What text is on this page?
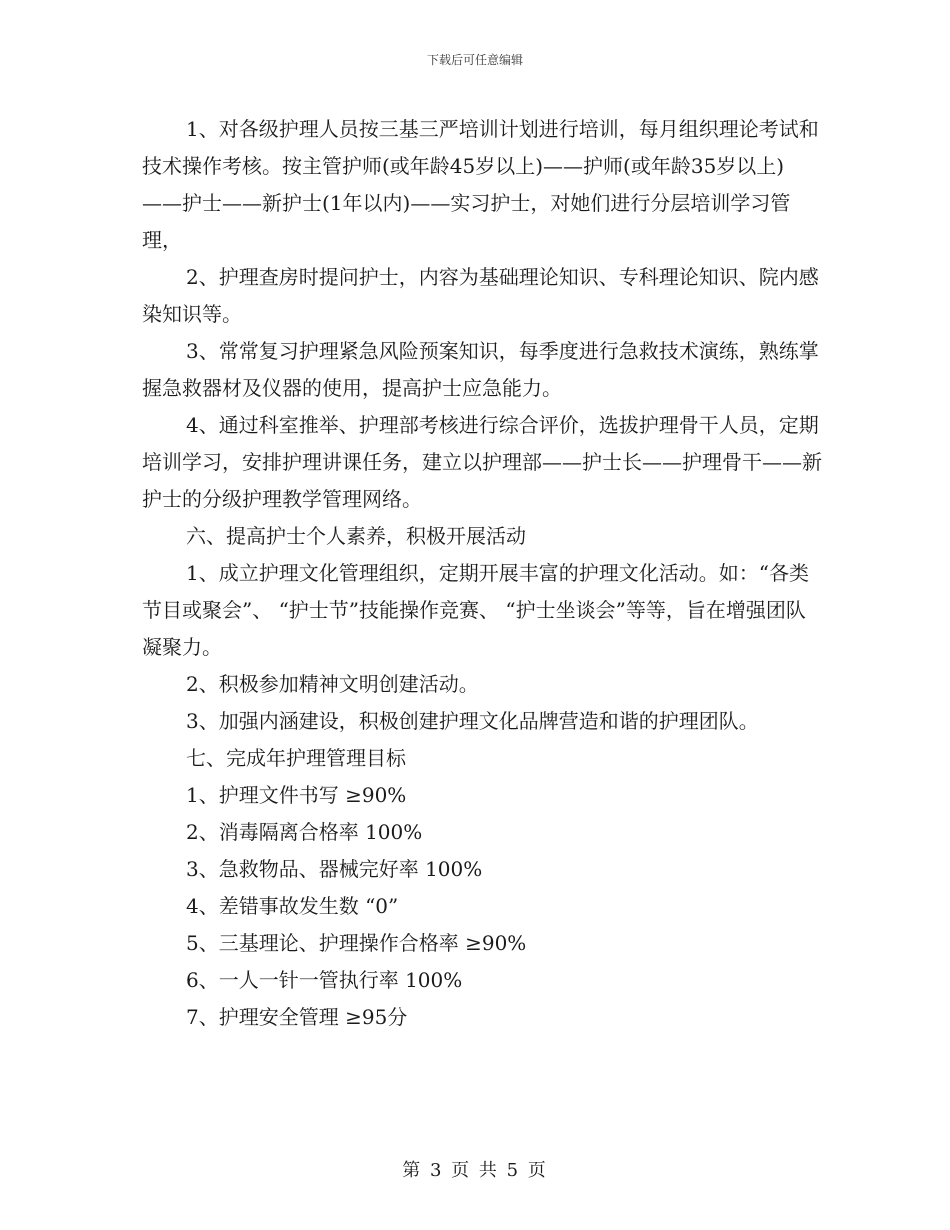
下载后可任意编辑

1、对各级护理人员按三基三严培训计划进行培训，每月组织理论考试和技术操作考核。按主管护师(或年龄45岁以上)——护师(或年龄35岁以上)——护士——新护士(1年以内)——实习护士，对她们进行分层培训学习管理，

2、护理查房时提问护士，内容为基础理论知识、专科理论知识、院内感染知识等。

3、常常复习护理紧急风险预案知识，每季度进行急救技术演练，熟练掌握急救器材及仪器的使用，提高护士应急能力。

4、通过科室推举、护理部考核进行综合评价，选拔护理骨干人员，定期培训学习，安排护理讲课任务，建立以护理部——护士长——护理骨干——新护士的分级护理教学管理网络。

六、提高护士个人素养，积极开展活动

1、成立护理文化管理组织，定期开展丰富的护理文化活动。如：“各类节目或聚会”、 “护士节”技能操作竞赛、 “护士坐谈会”等等，旨在增强团队凝聚力。

2、积极参加精神文明创建活动。

3、加强内涵建设，积极创建护理文化品牌营造和谐的护理团队。

七、完成年护理管理目标

1、护理文件书写 ≥90%

2、消毒隔离合格率 100%

3、急救物品、器械完好率 100%

4、差错事故发生数 “0”

5、三基理论、护理操作合格率 ≥90%

6、一人一针一管执行率 100%

7、护理安全管理 ≥95分

第 3 页 共 5 页
